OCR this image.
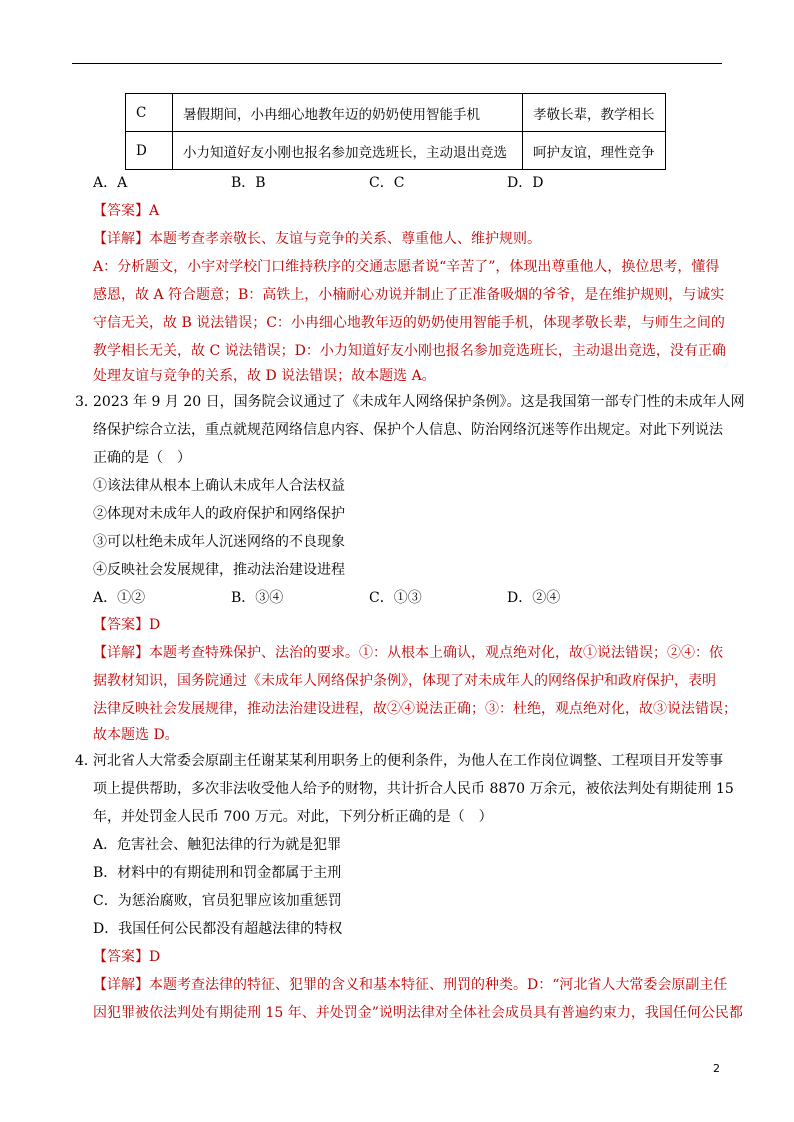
C	暑假期间，小冉细心地教年迈的奶奶使用智能手机	孝敬长辈，教学相长
D	小力知道好友小刚也报名参加竞选班长，主动退出竞选	呵护友谊，理性竞争
A．A	B．B	C．C	D．D
【答案】A
【详解】本题考查孝亲敬长、友谊与竞争的关系、尊重他人、维护规则。
A：分析题文，小宇对学校门口维持秩序的交通志愿者说“辛苦了”，体现出尊重他人，换位思考，懂得
感恩，故 A 符合题意；B：高铁上，小楠耐心劝说并制止了正准备吸烟的爷爷，是在维护规则，与诚实
守信无关，故 B 说法错误；C：小冉细心地教年迈的奶奶使用智能手机，体现孝敬长辈，与师生之间的
教学相长无关，故 C 说法错误；D：小力知道好友小刚也报名参加竞选班长，主动退出竞选，没有正确
处理友谊与竞争的关系，故 D 说法错误；故本题选 A。
3．
2023 年 9 月 20 日，国务院会议通过了《未成年人网络保护条例》。这是我国第一部专门性的未成年人网
络保护综合立法，重点就规范网络信息内容、保护个人信息、防治网络沉迷等作出规定。对此下列说法
正确的是（　）
①该法律从根本上确认未成年人合法权益
②体现对未成年人的政府保护和网络保护
③可以杜绝未成年人沉迷网络的不良现象
④反映社会发展规律，推动法治建设进程
A．①②	B．③④	C．①③	D．②④
【答案】D
【详解】本题考查特殊保护、法治的要求。①：从根本上确认，观点绝对化，故①说法错误；②④：依
据教材知识，国务院通过《未成年人网络保护条例》，体现了对未成年人的网络保护和政府保护，表明
法律反映社会发展规律，推动法治建设进程，故②④说法正确；③：杜绝，观点绝对化，故③说法错误；
故本题选 D。
4．
河北省人大常委会原副主任谢某某利用职务上的便利条件，为他人在工作岗位调整、工程项目开发等事
项上提供帮助，多次非法收受他人给予的财物，共计折合人民币 8870 万余元，被依法判处有期徒刑 15
年，并处罚金人民币 700 万元。对此，下列分析正确的是（　）
A．危害社会、触犯法律的行为就是犯罪
B．材料中的有期徒刑和罚金都属于主刑
C．为惩治腐败，官员犯罪应该加重惩罚
D．我国任何公民都没有超越法律的特权
【答案】D
【详解】本题考查法律的特征、犯罪的含义和基本特征、刑罚的种类。D：“河北省人大常委会原副主任
因犯罪被依法判处有期徒刑 15 年、并处罚金”说明法律对全体社会成员具有普遍约束力，我国任何公民都
2
